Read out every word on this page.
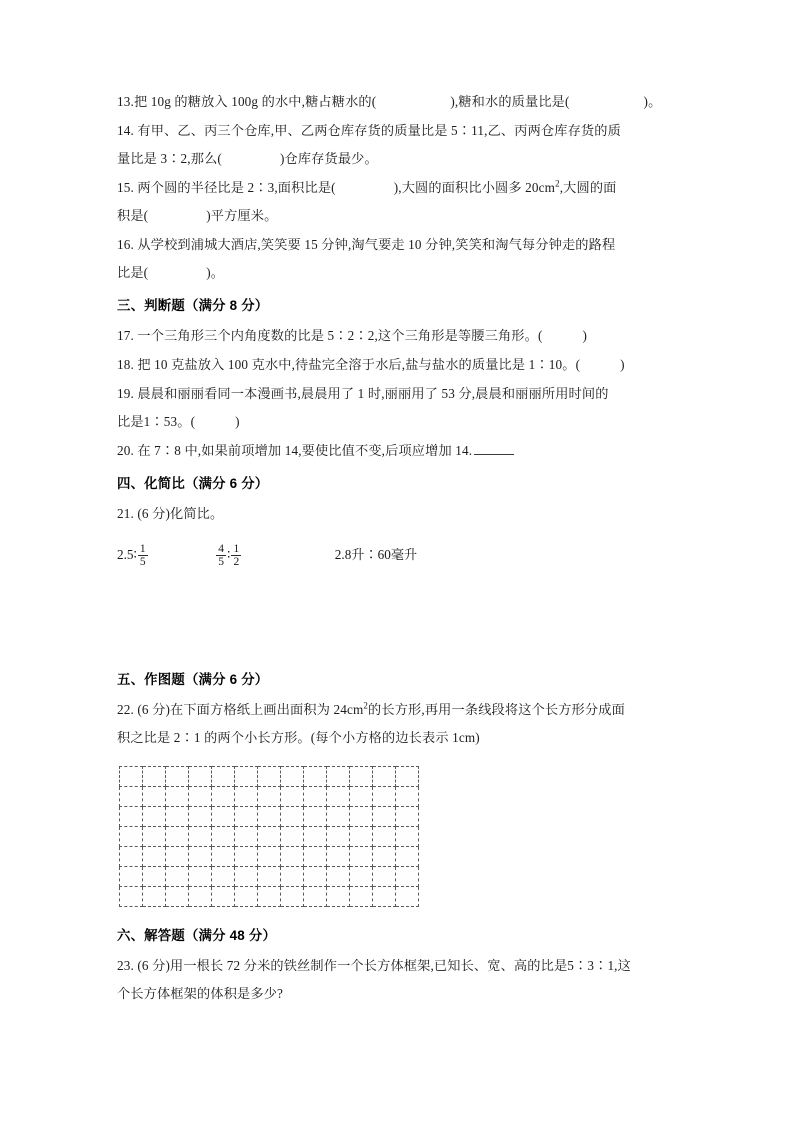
13.把 10g 的糖放入 100g 的水中,糖占糖水的(	),糖和水的质量比是(	)。
14. 有甲、乙、丙三个仓库,甲、乙两仓库存货的质量比是 5∶11,乙、丙两仓库存货的质
量比是 3∶2,那么(	)仓库存货最少。
15. 两个圆的半径比是 2∶3,面积比是(	),大圆的面积比小圆多 $20cm^2$,大圆的面
积是(	)平方厘米。
16. 从学校到浦城大酒店,笑笑要 15 分钟,淘气要走 10 分钟,笑笑和淘气每分钟走的路程
比是(	)。
三、判断题（满分 8 分）
17. 一个三角形三个内角度数的比是 5∶2∶2,这个三角形是等腰三角形。(	)
18. 把 10 克盐放入 100 克水中,待盐完全溶于水后,盐与盐水的质量比是 1∶10。(	)
19. 晨晨和丽丽看同一本漫画书,晨晨用了 1 时,丽丽用了 53 分,晨晨和丽丽所用时间的
比是1∶53。(	)
20. 在 7∶8 中,如果前项增加 14,要使比值不变,后项应增加 14.
四、化简比（满分 6 分）
21. (6 分)化简比。
2.5∶ $\frac{1}{5}$
	$\frac{4}{5}$ ∶ $\frac{1}{2}$	2.8升∶60毫升
五、作图题（满分 6 分）
22. (6 分)在下面方格纸上画出面积为 $24cm^2$的长方形,再用一条线段将这个长方形分成面
积之比是 2∶1 的两个小长方形。(每个小方格的边长表示 1cm)

六、解答题（满分 48 分）
23. (6 分)用一根长 72 分米的铁丝制作一个长方体框架,已知长、宽、高的比是5∶3∶1,这
个长方体框架的体积是多少?
